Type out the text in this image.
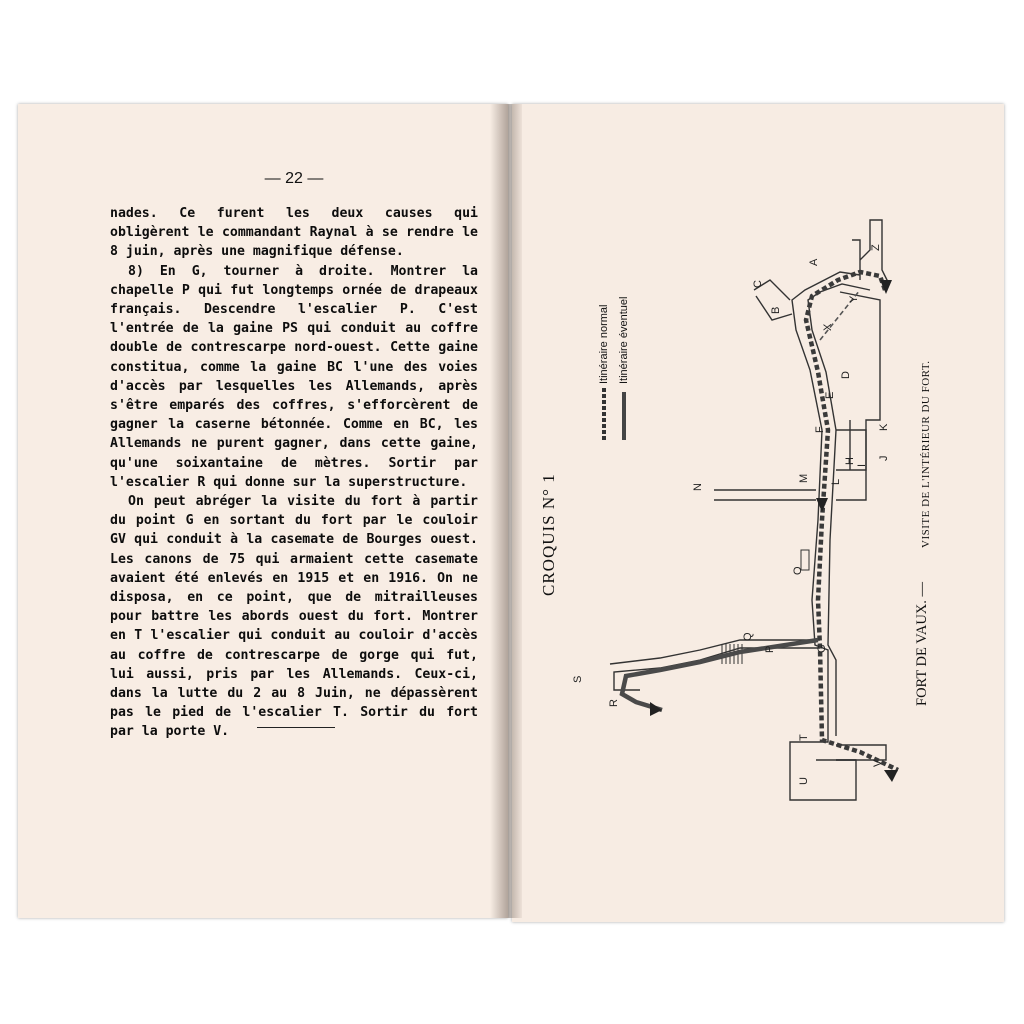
— 22 —

nades. Ce furent les deux causes qui obligèrent le commandant Raynal à se rendre le 8 juin, après une magnifique défense.

8) En G, tourner à droite. Montrer la chapelle P qui fut longtemps ornée de drapeaux français. Descendre l'escalier P. C'est l'entrée de la gaine PS qui conduit au coffre double de contrescarpe nord-ouest. Cette gaine constitua, comme la gaine BC l'une des voies d'accès par lesquelles les Allemands, après s'être emparés des coffres, s'efforcèrent de gagner la caserne bétonnée. Comme en BC, les Allemands ne purent gagner, dans cette gaine, qu'une soixantaine de mètres. Sortir par l'escalier R qui donne sur la superstructure.

On peut abréger la visite du fort à partir du point G en sortant du fort par le couloir GV qui conduit à la casemate de Bourges ouest. Les canons de 75 qui armaient cette casemate avaient été enlevés en 1915 et en 1916. On ne disposa, en ce point, que de mitrailleuses pour battre les abords ouest du fort. Montrer en T l'escalier qui conduit au couloir d'accès au coffre de contrescarpe de gorge qui fut, lui aussi, pris par les Allemands. Ceux-ci, dans la lutte du 2 au 8 Juin, ne dépassèrent pas le pied de l'escalier T. Sortir du fort par la porte V.

CROQUIS N° 1
FORT DE VAUX. —
VISITE DE L'INTÉRIEUR DU FORT.
Itinéraire normal Itinéraire éventuel
A
B
C
D
E
F
G
H
I
J
K
L
M
N
O
P
Q
R
S
T
U
V
X
Y
Z
